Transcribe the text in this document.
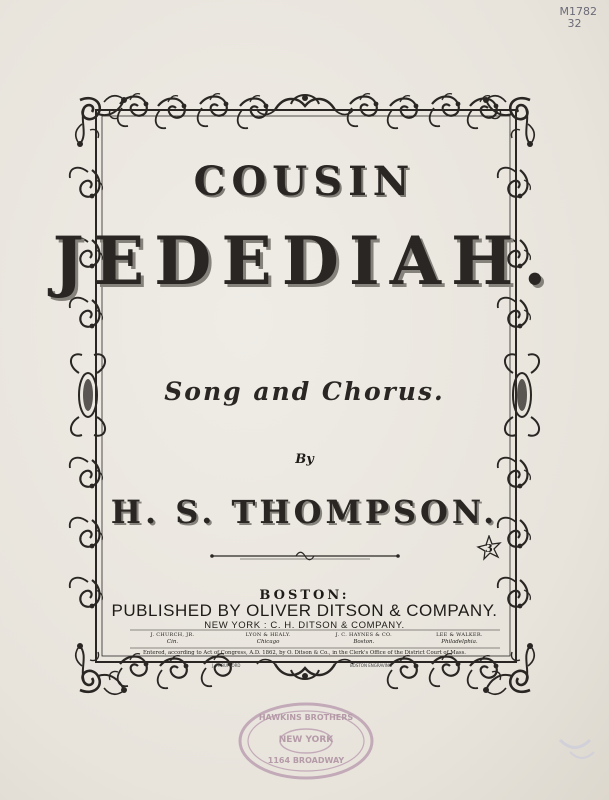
M1782
32
COUSIN
JEDEDIAH.
Song and Chorus.
By
H. S. THOMPSON.
3
BOSTON:
PUBLISHED BY OLIVER DITSON & COMPANY.
NEW YORK : C. H. DITSON & COMPANY.
J. CHURCH, JR.
Cin.
LYON & HEALY.
Chicago
J. C. HAYNES & CO.
Boston.
LEE & WALKER.
Philadelphia.
Entered, according to Act of Congress, A.D. 1862, by O. Ditson & Co., in the Clerk's Office of the District Court of Mass.
J. H. BUFFORD	BOSTON ENGRAVING
HAWKINS BROTHERS
NEW YORK
1164 BROADWAY
